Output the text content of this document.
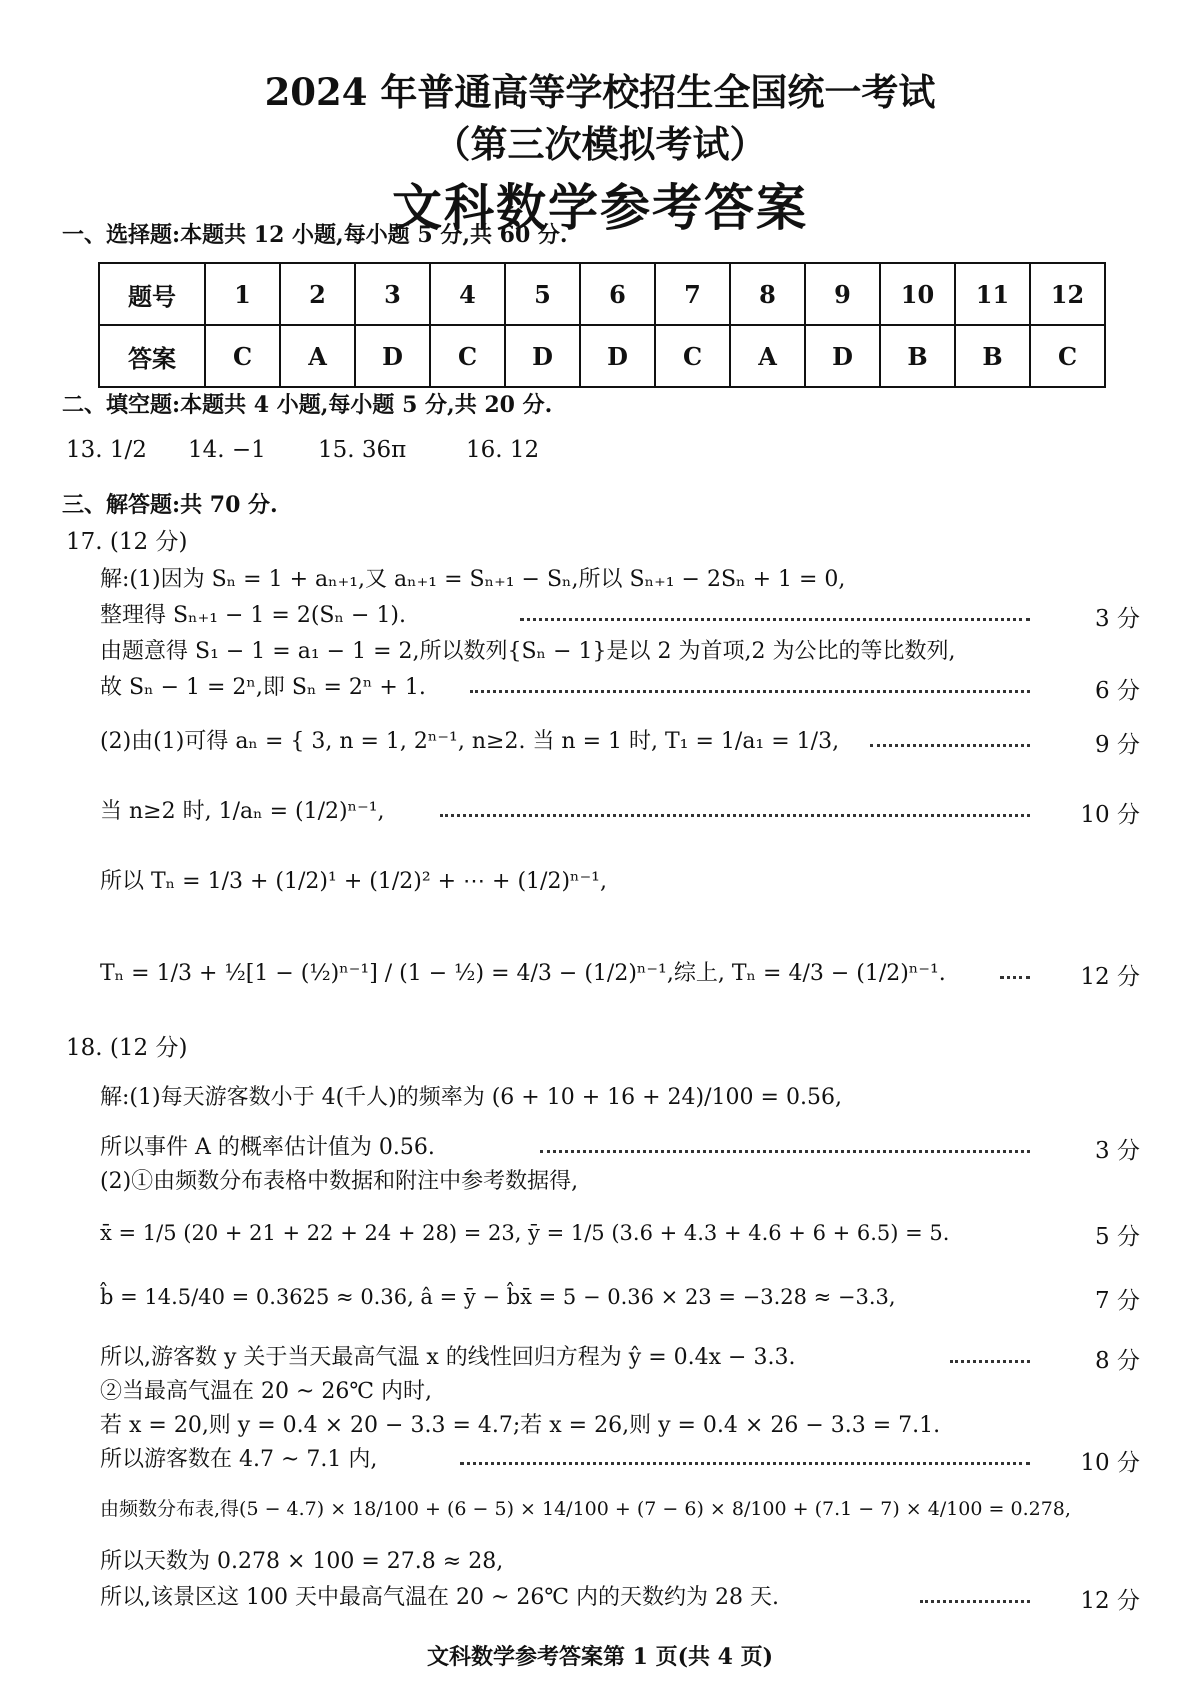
2024 年普通高等学校招生全国统一考试
（第三次模拟考试）
文科数学参考答案
一、选择题:本题共 12 小题,每小题 5 分,共 60 分.
题号	1	2	3	4	5	6	7	8	9	10	11	12
答案	C	A	D	C	D	D	C	A	D	B	B	C
二、填空题:本题共 4 小题,每小题 5 分,共 20 分.
13. 1/2 14. −1 15. 36π	16. 12
三、解答题:共 70 分.
17. (12 分)
解:(1)因为 Sₙ = 1 + aₙ₊₁,又 aₙ₊₁ = Sₙ₊₁ − Sₙ,所以 Sₙ₊₁ − 2Sₙ + 1 = 0,
整理得 Sₙ₊₁ − 1 = 2(Sₙ − 1).	3 分
由题意得 S₁ − 1 = a₁ − 1 = 2,所以数列{Sₙ − 1}是以 2 为首项,2 为公比的等比数列,
故 Sₙ − 1 = 2ⁿ,即 Sₙ = 2ⁿ + 1.	6 分
(2)由(1)可得 aₙ = { 3, n = 1, 2ⁿ⁻¹, n≥2. 当 n = 1 时, T₁ = 1/a₁ = 1/3,	9 分
当 n≥2 时, 1/aₙ = (1/2)ⁿ⁻¹,	10 分
所以 Tₙ = 1/3 + (1/2)¹ + (1/2)² + ⋯ + (1/2)ⁿ⁻¹,
Tₙ = 1/3 + ½[1 − (½)ⁿ⁻¹] / (1 − ½) = 4/3 − (1/2)ⁿ⁻¹,综上, Tₙ = 4/3 − (1/2)ⁿ⁻¹.	12 分
18. (12 分)
解:(1)每天游客数小于 4(千人)的频率为 (6 + 10 + 16 + 24)/100 = 0.56,
所以事件 A 的概率估计值为 0.56.	3 分
(2)①由频数分布表格中数据和附注中参考数据得,
x̄ = 1/5 (20 + 21 + 22 + 24 + 28) = 23, ȳ = 1/5 (3.6 + 4.3 + 4.6 + 6 + 6.5) = 5.	5 分
b̂ = 14.5/40 = 0.3625 ≈ 0.36, â = ȳ − b̂x̄ = 5 − 0.36 × 23 = −3.28 ≈ −3.3,	7 分
所以,游客数 y 关于当天最高气温 x 的线性回归方程为 ŷ = 0.4x − 3.3.	8 分
②当最高气温在 20 ~ 26℃ 内时,
若 x = 20,则 y = 0.4 × 20 − 3.3 = 4.7;若 x = 26,则 y = 0.4 × 26 − 3.3 = 7.1.
所以游客数在 4.7 ~ 7.1 内,	10 分
由频数分布表,得(5 − 4.7) × 18/100 + (6 − 5) × 14/100 + (7 − 6) × 8/100 + (7.1 − 7) × 4/100 = 0.278,
所以天数为 0.278 × 100 = 27.8 ≈ 28,
所以,该景区这 100 天中最高气温在 20 ~ 26℃ 内的天数约为 28 天.	12 分
文科数学参考答案第 1 页(共 4 页)
